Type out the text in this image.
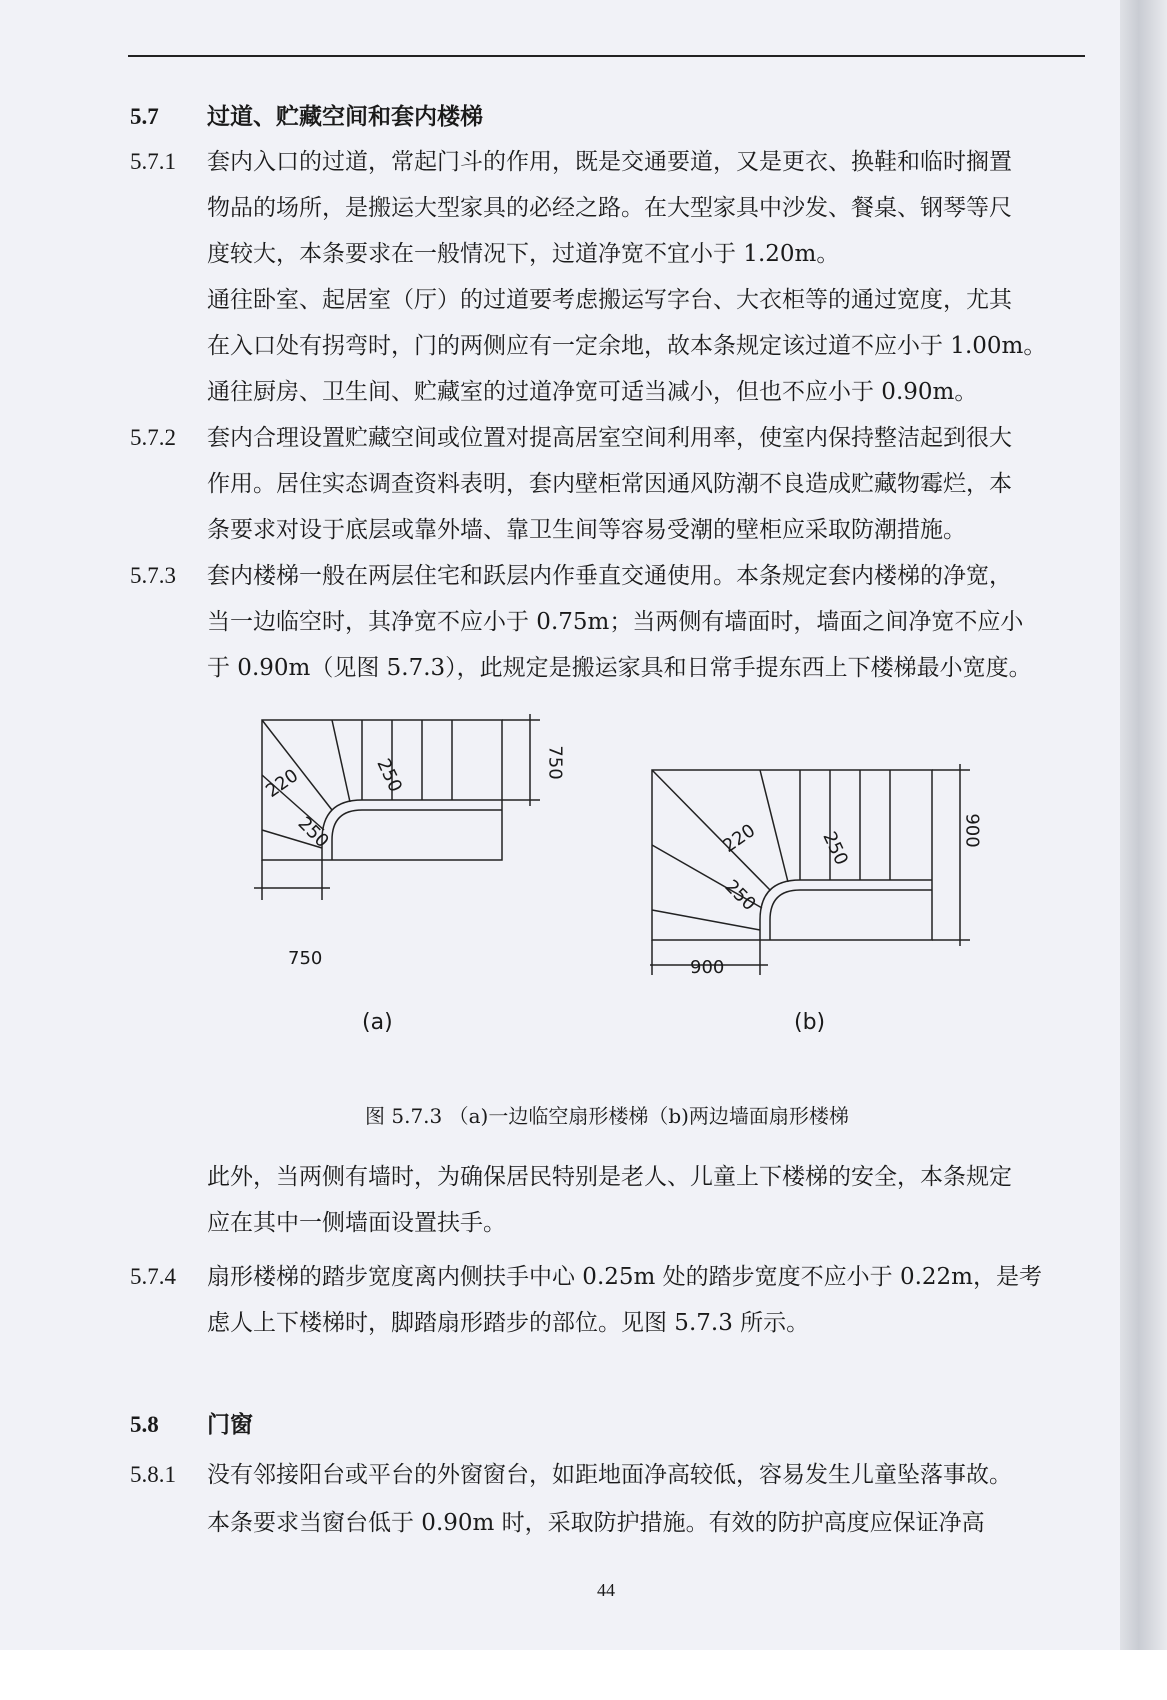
5.7 过道、贮藏空间和套内楼梯
5.7.1 套内入口的过道，常起门斗的作用，既是交通要道，又是更衣、换鞋和临时搁置
物品的场所，是搬运大型家具的必经之路。在大型家具中沙发、餐桌、钢琴等尺
度较大，本条要求在一般情况下，过道净宽不宜小于 1.20m。
通往卧室、起居室（厅）的过道要考虑搬运写字台、大衣柜等的通过宽度，尤其
在入口处有拐弯时，门的两侧应有一定余地，故本条规定该过道不应小于 1.00m。
通往厨房、卫生间、贮藏室的过道净宽可适当减小，但也不应小于 0.90m。
5.7.2 套内合理设置贮藏空间或位置对提高居室空间利用率，使室内保持整洁起到很大
作用。居住实态调查资料表明，套内壁柜常因通风防潮不良造成贮藏物霉烂，本
条要求对设于底层或靠外墙、靠卫生间等容易受潮的壁柜应采取防潮措施。
5.7.3 套内楼梯一般在两层住宅和跃层内作垂直交通使用。本条规定套内楼梯的净宽，
当一边临空时，其净宽不应小于 0.75m；当两侧有墙面时，墙面之间净宽不应小
于 0.90m（见图 5.7.3），此规定是搬运家具和日常手提东西上下楼梯最小宽度。
220	250
250
750
750
(a)
220	250
250
900
900
(b)
图 5.7.3 （a)一边临空扇形楼梯（b)两边墙面扇形楼梯
此外，当两侧有墙时，为确保居民特别是老人、儿童上下楼梯的安全，本条规定
应在其中一侧墙面设置扶手。
5.7.4 扇形楼梯的踏步宽度离内侧扶手中心 0.25m 处的踏步宽度不应小于 0.22m，是考
虑人上下楼梯时，脚踏扇形踏步的部位。见图 5.7.3 所示。
5.8 门窗
5.8.1 没有邻接阳台或平台的外窗窗台，如距地面净高较低，容易发生儿童坠落事故。
本条要求当窗台低于 0.90m 时，采取防护措施。有效的防护高度应保证净高
44
